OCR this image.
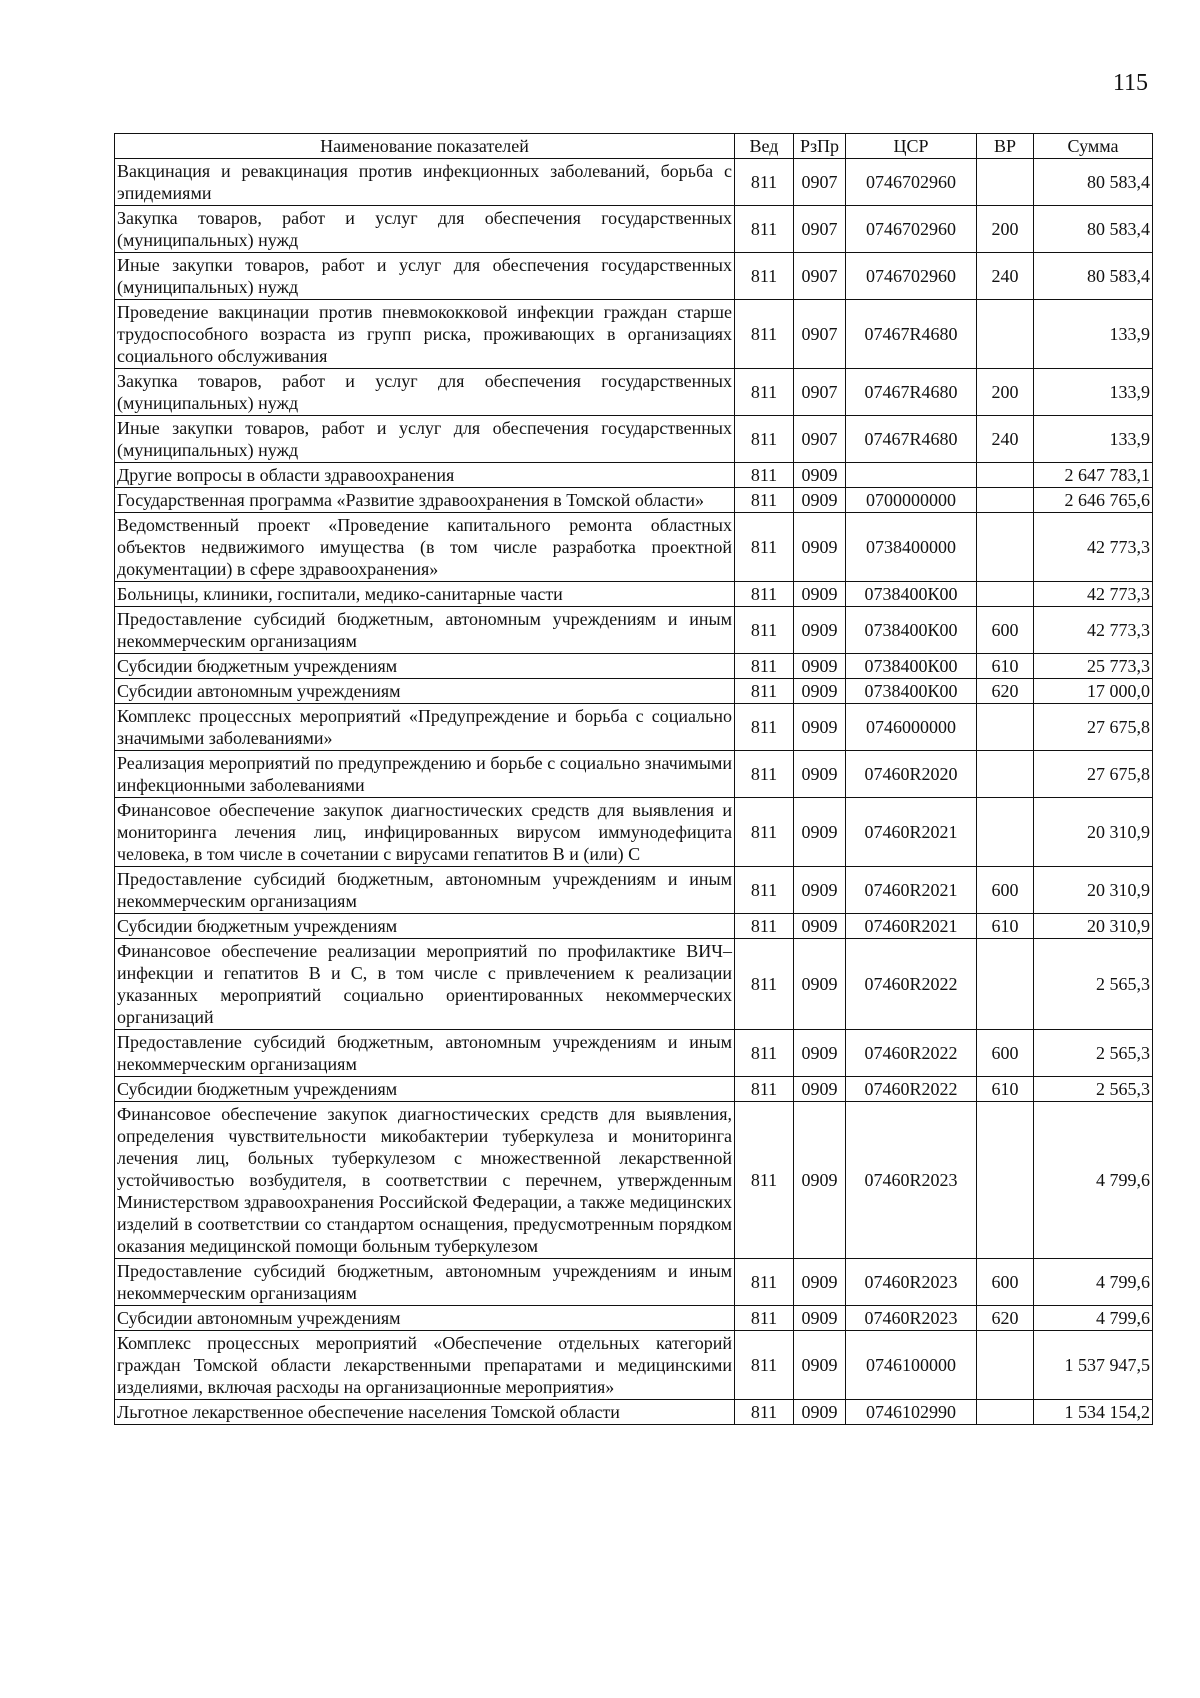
115
Наименование показателей	Вед	РзПр	ЦСР	ВР	Сумма
Вакцинация и ревакцинация против инфекционных заболеваний, борьба с эпидемиями	811	0907	0746702960		80 583,4
Закупка товаров, работ и услуг для обеспечения государственных (муниципальных) нужд	811	0907	0746702960	200	80 583,4
Иные закупки товаров, работ и услуг для обеспечения государственных (муниципальных) нужд	811	0907	0746702960	240	80 583,4
Проведение вакцинации против пневмококковой инфекции граждан старше трудоспособного возраста из групп риска, проживающих в организациях социального обслуживания	811	0907	07467R4680		133,9
Закупка товаров, работ и услуг для обеспечения государственных (муниципальных) нужд	811	0907	07467R4680	200	133,9
Иные закупки товаров, работ и услуг для обеспечения государственных (муниципальных) нужд	811	0907	07467R4680	240	133,9
Другие вопросы в области здравоохранения	811	0909			2 647 783,1
Государственная программа «Развитие здравоохранения в Томской области»	811	0909	0700000000		2 646 765,6
Ведомственный проект «Проведение капитального ремонта областных объектов недвижимого имущества (в том числе разработка проектной документации) в сфере здравоохранения»	811	0909	0738400000		42 773,3
Больницы, клиники, госпитали, медико-санитарные части	811	0909	0738400К00		42 773,3
Предоставление субсидий бюджетным, автономным учреждениям и иным некоммерческим организациям	811	0909	0738400К00	600	42 773,3
Субсидии бюджетным учреждениям	811	0909	0738400К00	610	25 773,3
Субсидии автономным учреждениям	811	0909	0738400К00	620	17 000,0
Комплекс процессных мероприятий «Предупреждение и борьба с социально значимыми заболеваниями»	811	0909	0746000000		27 675,8
Реализация мероприятий по предупреждению и борьбе с социально значимыми инфекционными заболеваниями	811	0909	07460R2020		27 675,8
Финансовое обеспечение закупок диагностических средств для выявления и мониторинга лечения лиц, инфицированных вирусом иммунодефицита человека, в том числе в сочетании с вирусами гепатитов В и (или) С	811	0909	07460R2021		20 310,9
Предоставление субсидий бюджетным, автономным учреждениям и иным некоммерческим организациям	811	0909	07460R2021	600	20 310,9
Субсидии бюджетным учреждениям	811	0909	07460R2021	610	20 310,9
Финансовое обеспечение реализации мероприятий по профилактике ВИЧ–инфекции и гепатитов В и С, в том числе с привлечением к реализации указанных мероприятий социально ориентированных некоммерческих организаций	811	0909	07460R2022		2 565,3
Предоставление субсидий бюджетным, автономным учреждениям и иным некоммерческим организациям	811	0909	07460R2022	600	2 565,3
Субсидии бюджетным учреждениям	811	0909	07460R2022	610	2 565,3
Финансовое обеспечение закупок диагностических средств для выявления, определения чувствительности микобактерии туберкулеза и мониторинга лечения лиц, больных туберкулезом с множественной лекарственной устойчивостью возбудителя, в соответствии с перечнем, утвержденным Министерством здравоохранения Российской Федерации, а также медицинских изделий в соответствии со стандартом оснащения, предусмотренным порядком оказания медицинской помощи больным туберкулезом	811	0909	07460R2023		4 799,6
Предоставление субсидий бюджетным, автономным учреждениям и иным некоммерческим организациям	811	0909	07460R2023	600	4 799,6
Субсидии автономным учреждениям	811	0909	07460R2023	620	4 799,6
Комплекс процессных мероприятий «Обеспечение отдельных категорий граждан Томской области лекарственными препаратами и медицинскими изделиями, включая расходы на организационные мероприятия»	811	0909	0746100000		1 537 947,5
Льготное лекарственное обеспечение населения Томской области	811	0909	0746102990		1 534 154,2
